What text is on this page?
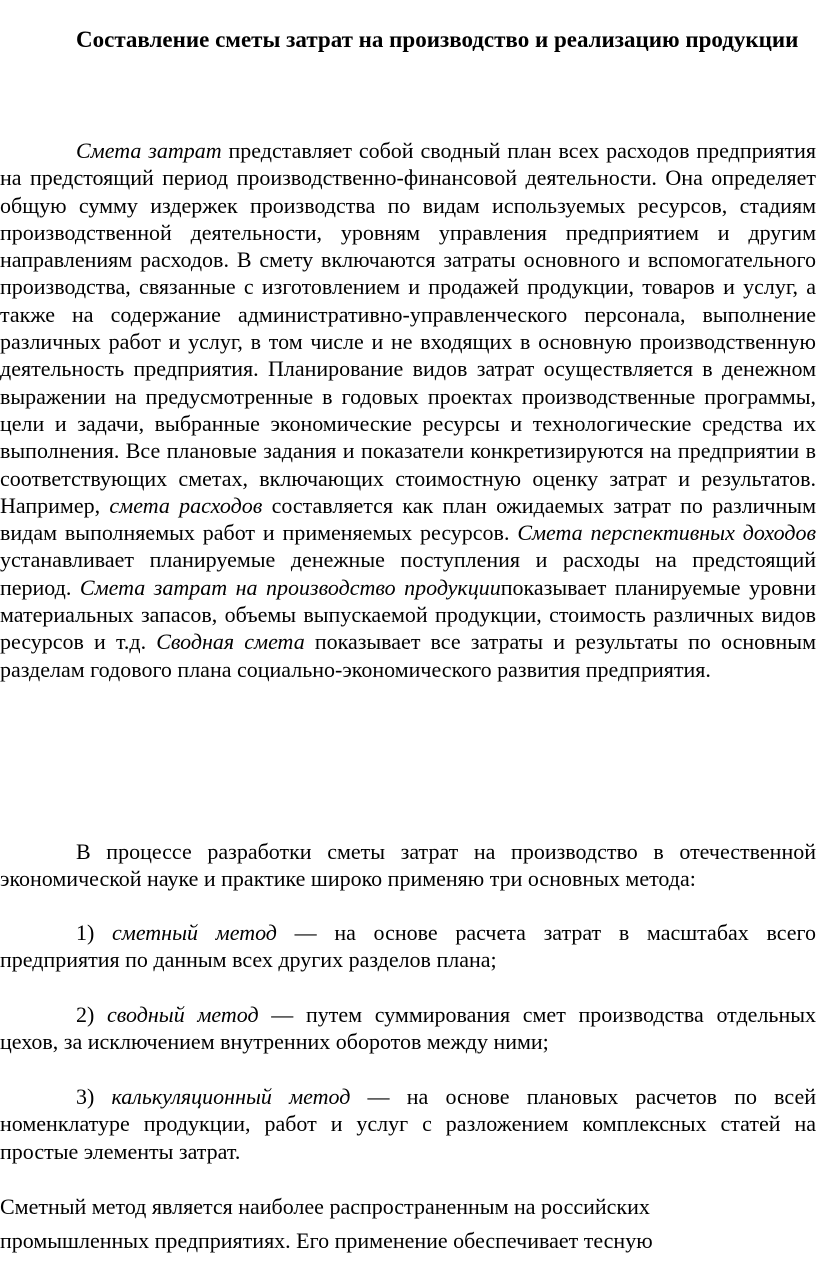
Составление сметы затрат на производство и реализацию продукции

Смета затрат представляет собой сводный план всех расходов предприятия на предстоящий период производственно-финансовой деятельности. Она определяет общую сумму издержек производства по видам используемых ресурсов, стадиям производственной деятельности, уровням управления предприятием и другим направлениям расходов. В смету включаются затраты основного и вспомогательного производства, связанные с изготовлением и продажей продукции, товаров и услуг, а также на содержание административно-управленческого персонала, выполнение различных работ и услуг, в том числе и не входящих в основную производственную деятельность предприятия. Планирование видов затрат осуществляется в денежном выражении на предусмотренные в годовых проектах производственные программы, цели и задачи, выбранные экономические ресурсы и технологические средства их выполнения. Все плановые задания и показатели конкретизируются на предприятии в соответствующих сметах, включающих стоимостную оценку затрат и результатов. Например, смета расходов составляется как план ожидаемых затрат по различным видам выполняемых работ и применяемых ресурсов. Смета перспективных доходов устанавливает планируемые денежные поступления и расходы на предстоящий период. Смета затрат на производство продукциипоказывает планируемые уровни материальных запасов, объемы выпускаемой продукции, стоимость различных видов ресурсов и т.д. Сводная смета показывает все затраты и результаты по основным разделам годового плана социально-экономического развития предприятия.

В процессе разработки сметы затрат на производство в отечественной экономической науке и практике широко применяю три основных метода:

1) сметный метод — на основе расчета затрат в масштабах всего предприятия по данным всех других разделов плана;

2) сводный метод — путем суммирования смет производства отдельных цехов, за исключением внутренних оборотов между ними;

3) калькуляционный метод — на основе плановых расчетов по всей номенклатуре продукции, работ и услуг с разложением комплексных статей на простые элементы затрат.

Сметный метод является наиболее распространенным на российских промышленных предприятиях. Его применение обеспечивает тесную
